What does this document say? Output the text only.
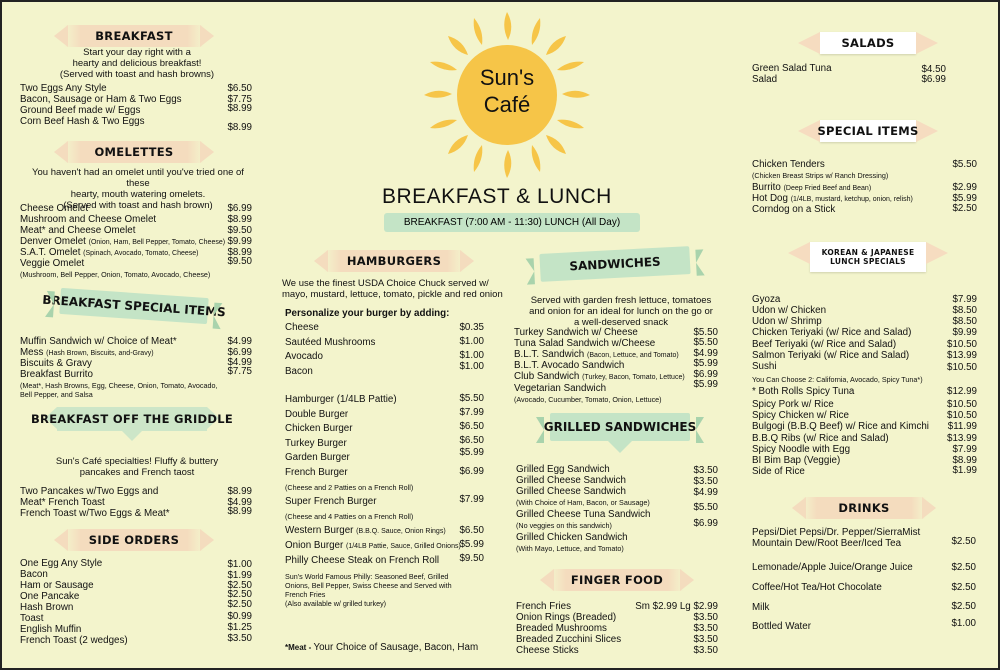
Sun's
Café
BREAKFAST & LUNCH
BREAKFAST (7:00 AM - 11:30) LUNCH (All Day)
BREAKFAST
Start your day right with a
hearty and delicious breakfast!
(Served with toast and hash browns)
Two Eggs Any Style	$6.50
Bacon, Sausage or Ham & Two Eggs	$7.75
Ground Beef made w/ Eggs	$8.99
Corn Beef Hash & Two Eggs
$8.99
OMELETTES
You haven't had an omelet until you've tried one of these
hearty, mouth watering omelets.
(Served with toast and hash brown)
Cheese Omelet	$6.99
Mushroom and Cheese Omelet	$8.99
Meat* and Cheese Omelet	$9.50
Denver Omelet (Onion, Ham, Bell Pepper, Tomato, Cheese) $9.99
S.A.T. Omelet (Spinach, Avocado, Tomato, Cheese)	$8.99
Veggie Omelet	$9.50
(Mushroom, Bell Pepper, Onion, Tomato, Avocado, Cheese)
BREAKFAST SPECIAL ITEMS
Muffin Sandwich w/ Choice of Meat*	$4.99
Mess (Hash Brown, Biscuits, and-Gravy)	$6.99
Biscuits & Gravy	$4.99
Breakfast Burrito	$7.75
(Meat*, Hash Browns, Egg, Cheese, Onion, Tomato, Avocado,
Bell Pepper, and Salsa
BREAKFAST OFF THE GRIDDLE
Sun's Café specialties! Fluffy & buttery
pancakes and French taost
Two Pancakes w/Two Eggs and	$8.99
Meat* French Toast	$4.99
French Toast w/Two Eggs & Meat*	$8.99
SIDE ORDERS
One Egg Any Style	$1.00
Bacon	$1.99
Ham or Sausage	$2.50
One Pancake	$2.50
Hash Brown	$2.50
Toast	$0.99
English Muffin	$1.25
French Toast (2 wedges)	$3.50
HAMBURGERS
We use the finest USDA Choice Chuck served w/
mayo, mustard, lettuce, tomato, pickle and red onion
Personalize your burger by adding:
Cheese	$0.35
Sautéed Mushrooms	$1.00
Avocado	$1.00
Bacon	$1.00
Hamburger (1/4LB Pattie)	$5.50
Double Burger	$7.99
Chicken Burger	$6.50
Turkey Burger	$6.50
Garden Burger	$5.99
French Burger	$6.99
(Cheese and 2 Patties on a French Roll)
Super French Burger	$7.99
(Cheese and 4 Patties on a French Roll)
Western Burger (B.B.Q. Sauce, Onion Rings) $6.50
Onion Burger (1/4LB Pattie, Sauce, Grilled Onions)
$5.99
Philly Cheese Steak on French Roll $9.50
Sun's World Famous Philly: Seasoned Beef, Grilled
Onions, Bell Pepper, Swiss Cheese and Served with
French Fries
(Also available w/ grilled turkey)
*Meat - Your Choice of Sausage, Bacon, Ham
SANDWICHES
Served with garden fresh lettuce, tomatoes
and onion for an ideal for lunch on the go or
a well-deserved snack
Turkey Sandwich w/ Cheese	$5.50
Tuna Salad Sandwich w/Cheese	$5.50
B.L.T. Sandwich (Bacon, Lettuce, and Tomato) $4.99
B.L.T. Avocado Sandwich	$5.99
Club Sandwich (Turkey, Bacon, Tomato, Lettuce) $6.99
Vegetarian Sandwich	$5.99
(Avocado, Cucumber, Tomato, Onion, Lettuce)
GRILLED SANDWICHES
Grilled Egg Sandwich	$3.50
Grilled Cheese Sandwich	$3.50
Grilled Cheese Sandwich	$4.99
(With Choice of Ham, Bacon, or Sausage)
Grilled Cheese Tuna Sandwich
$5.50
(No veggies on this sandwich)
Grilled Chicken Sandwich
$6.99
(With Mayo, Lettuce, and Tomato)
FINGER FOOD
French Fries	Sm $2.99 Lg $2.99
Onion Rings (Breaded)	$3.50
Breaded Mushrooms	$3.50
Breaded Zucchini Slices	$3.50
Cheese Sticks	$3.50
SALADS
Green Salad Tuna	$4.50
Salad	$6.99
SPECIAL ITEMS
Chicken Tenders	$5.50
(Chicken Breast Strips w/ Ranch Dressing)
Burrito (Deep Fried Beef and Bean)	$2.99
Hot Dog (1/4LB, mustard, ketchup, onion, relish)	$5.99
Corndog on a Stick	$2.50
KOREAN & JAPANESE
LUNCH SPECIALS
Gyoza	$7.99
Udon w/ Chicken	$8.50
Udon w/ Shrimp	$8.50
Chicken Teriyaki (w/ Rice and Salad)	$9.99
Beef Teriyaki (w/ Rice and Salad)	$10.50
Salmon Teriyaki (w/ Rice and Salad)	$13.99
Sushi	$10.50
You Can Choose 2: California, Avocado, Spicy Tuna*)
* Both Rolls Spicy Tuna	$12.99
Spicy Pork w/ Rice	$10.50
Spicy Chicken w/ Rice	$10.50
Bulgogi (B.B.Q Beef) w/ Rice and Kimchi $11.99
B.B.Q Ribs (w/ Rice and Salad)	$13.99
Spicy Noodle with Egg	$7.99
BI Bim Bap (Veggie)	$8.99
Side of Rice	$1.99
DRINKS
Pepsi/Diet Pepsi/Dr. Pepper/SierraMist
Mountain Dew/Root Beer/Iced Tea	$2.50
Lemonade/Apple Juice/Orange Juice	$2.50
Coffee/Hot Tea/Hot Chocolate	$2.50
Milk	$2.50
Bottled Water	$1.00
